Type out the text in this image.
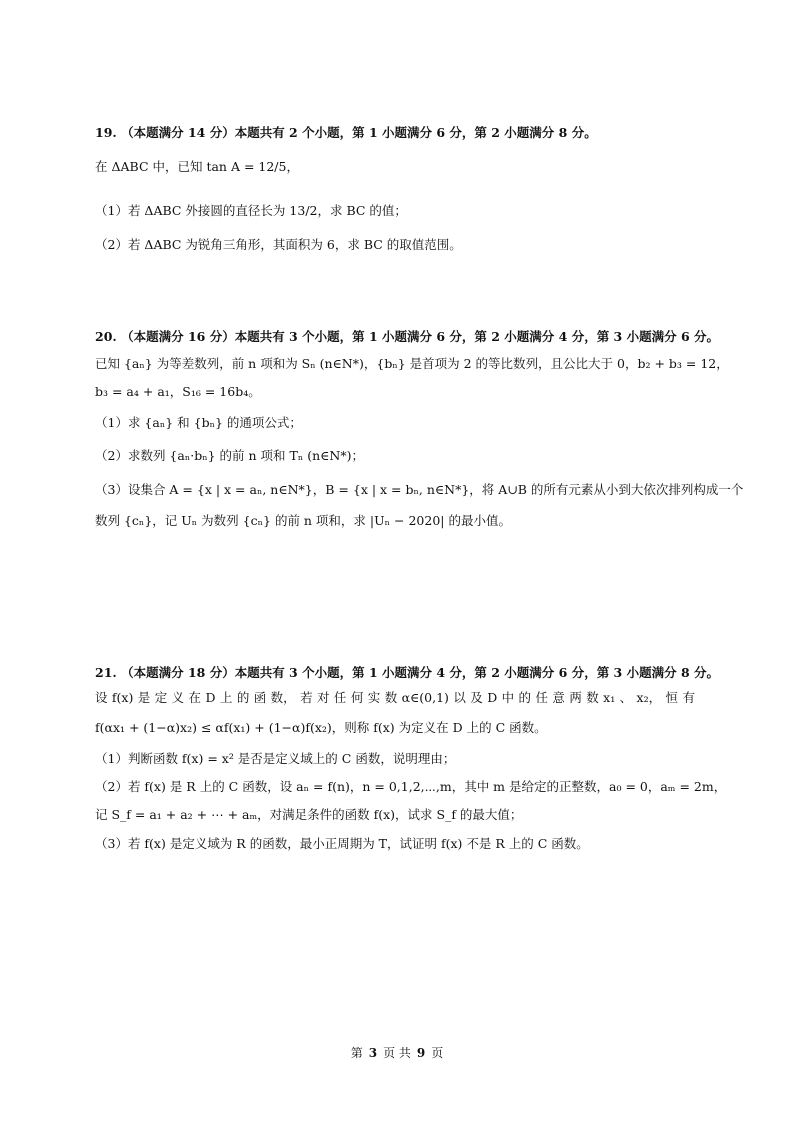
19. （本题满分 14 分）本题共有 2 个小题，第 1 小题满分 6 分，第 2 小题满分 8 分。
在 ΔABC 中，已知 tan A = 12/5，
（1）若 ΔABC 外接圆的直径长为 13/2，求 BC 的值；
（2）若 ΔABC 为锐角三角形，其面积为 6，求 BC 的取值范围。
20. （本题满分 16 分）本题共有 3 个小题，第 1 小题满分 6 分，第 2 小题满分 4 分，第 3 小题满分 6 分。
已知 {aₙ} 为等差数列，前 n 项和为 Sₙ (n∈N*)，{bₙ} 是首项为 2 的等比数列，且公比大于 0，b₂ + b₃ = 12，
b₃ = a₄ + a₁，S₁₆ = 16b₄。
（1）求 {aₙ} 和 {bₙ} 的通项公式；
（2）求数列 {aₙ·bₙ} 的前 n 项和 Tₙ (n∈N*)；
（3）设集合 A = {x | x = aₙ, n∈N*}，B = {x | x = bₙ, n∈N*}，将 A∪B 的所有元素从小到大依次排列构成一个
数列 {cₙ}，记 Uₙ 为数列 {cₙ} 的前 n 项和，求 |Uₙ − 2020| 的最小值。
21. （本题满分 18 分）本题共有 3 个小题，第 1 小题满分 4 分，第 2 小题满分 6 分，第 3 小题满分 8 分。
设 f(x) 是 定 义 在 D 上 的 函 数， 若 对 任 何 实 数 α∈(0,1) 以 及 D 中 的 任 意 两 数 x₁ 、 x₂， 恒 有
f(αx₁ + (1−α)x₂) ≤ αf(x₁) + (1−α)f(x₂)，则称 f(x) 为定义在 D 上的 C 函数。
（1）判断函数 f(x) = x² 是否是定义域上的 C 函数，说明理由；
（2）若 f(x) 是 R 上的 C 函数，设 aₙ = f(n)，n = 0,1,2,⋯,m，其中 m 是给定的正整数，a₀ = 0，aₘ = 2m，
记 S_f = a₁ + a₂ + ⋯ + aₘ，对满足条件的函数 f(x)，试求 S_f 的最大值；
（3）若 f(x) 是定义域为 R 的函数，最小正周期为 T，试证明 f(x) 不是 R 上的 C 函数。
第 3 页 共 9 页
